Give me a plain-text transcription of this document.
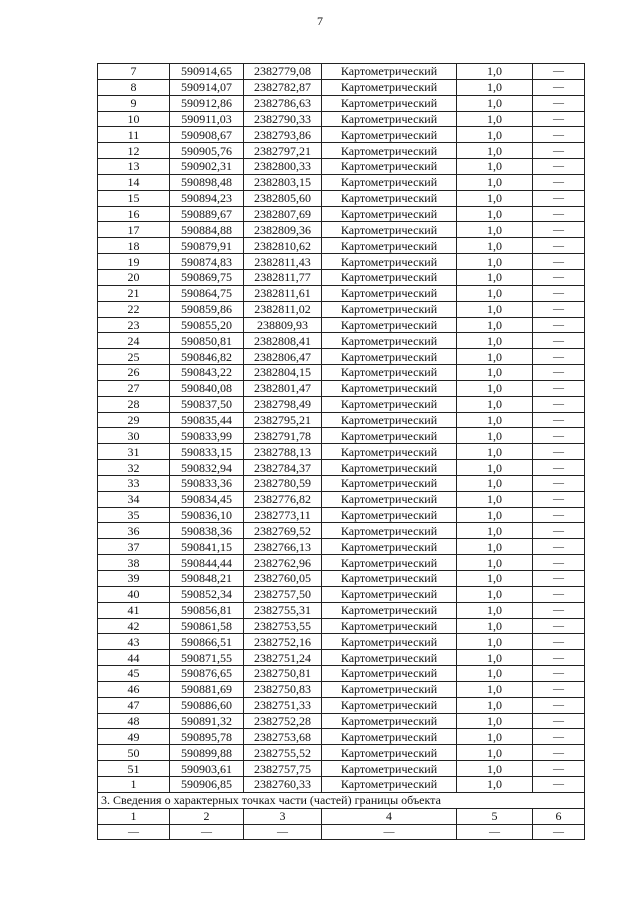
7
7	590914,65	2382779,08	Картометрический	1,0	—
8	590914,07	2382782,87	Картометрический	1,0	—
9	590912,86	2382786,63	Картометрический	1,0	—
10	590911,03	2382790,33	Картометрический	1,0	—
11	590908,67	2382793,86	Картометрический	1,0	—
12	590905,76	2382797,21	Картометрический	1,0	—
13	590902,31	2382800,33	Картометрический	1,0	—
14	590898,48	2382803,15	Картометрический	1,0	—
15	590894,23	2382805,60	Картометрический	1,0	—
16	590889,67	2382807,69	Картометрический	1,0	—
17	590884,88	2382809,36	Картометрический	1,0	—
18	590879,91	2382810,62	Картометрический	1,0	—
19	590874,83	2382811,43	Картометрический	1,0	—
20	590869,75	2382811,77	Картометрический	1,0	—
21	590864,75	2382811,61	Картометрический	1,0	—
22	590859,86	2382811,02	Картометрический	1,0	—
23	590855,20	238809,93	Картометрический	1,0	—
24	590850,81	2382808,41	Картометрический	1,0	—
25	590846,82	2382806,47	Картометрический	1,0	—
26	590843,22	2382804,15	Картометрический	1,0	—
27	590840,08	2382801,47	Картометрический	1,0	—
28	590837,50	2382798,49	Картометрический	1,0	—
29	590835,44	2382795,21	Картометрический	1,0	—
30	590833,99	2382791,78	Картометрический	1,0	—
31	590833,15	2382788,13	Картометрический	1,0	—
32	590832,94	2382784,37	Картометрический	1,0	—
33	590833,36	2382780,59	Картометрический	1,0	—
34	590834,45	2382776,82	Картометрический	1,0	—
35	590836,10	2382773,11	Картометрический	1,0	—
36	590838,36	2382769,52	Картометрический	1,0	—
37	590841,15	2382766,13	Картометрический	1,0	—
38	590844,44	2382762,96	Картометрический	1,0	—
39	590848,21	2382760,05	Картометрический	1,0	—
40	590852,34	2382757,50	Картометрический	1,0	—
41	590856,81	2382755,31	Картометрический	1,0	—
42	590861,58	2382753,55	Картометрический	1,0	—
43	590866,51	2382752,16	Картометрический	1,0	—
44	590871,55	2382751,24	Картометрический	1,0	—
45	590876,65	2382750,81	Картометрический	1,0	—
46	590881,69	2382750,83	Картометрический	1,0	—
47	590886,60	2382751,33	Картометрический	1,0	—
48	590891,32	2382752,28	Картометрический	1,0	—
49	590895,78	2382753,68	Картометрический	1,0	—
50	590899,88	2382755,52	Картометрический	1,0	—
51	590903,61	2382757,75	Картометрический	1,0	—
1	590906,85	2382760,33	Картометрический	1,0	—
3. Сведения о характерных точках части (частей) границы объекта					
1	2	3	4	5	6
—	—	—	—	—	—
